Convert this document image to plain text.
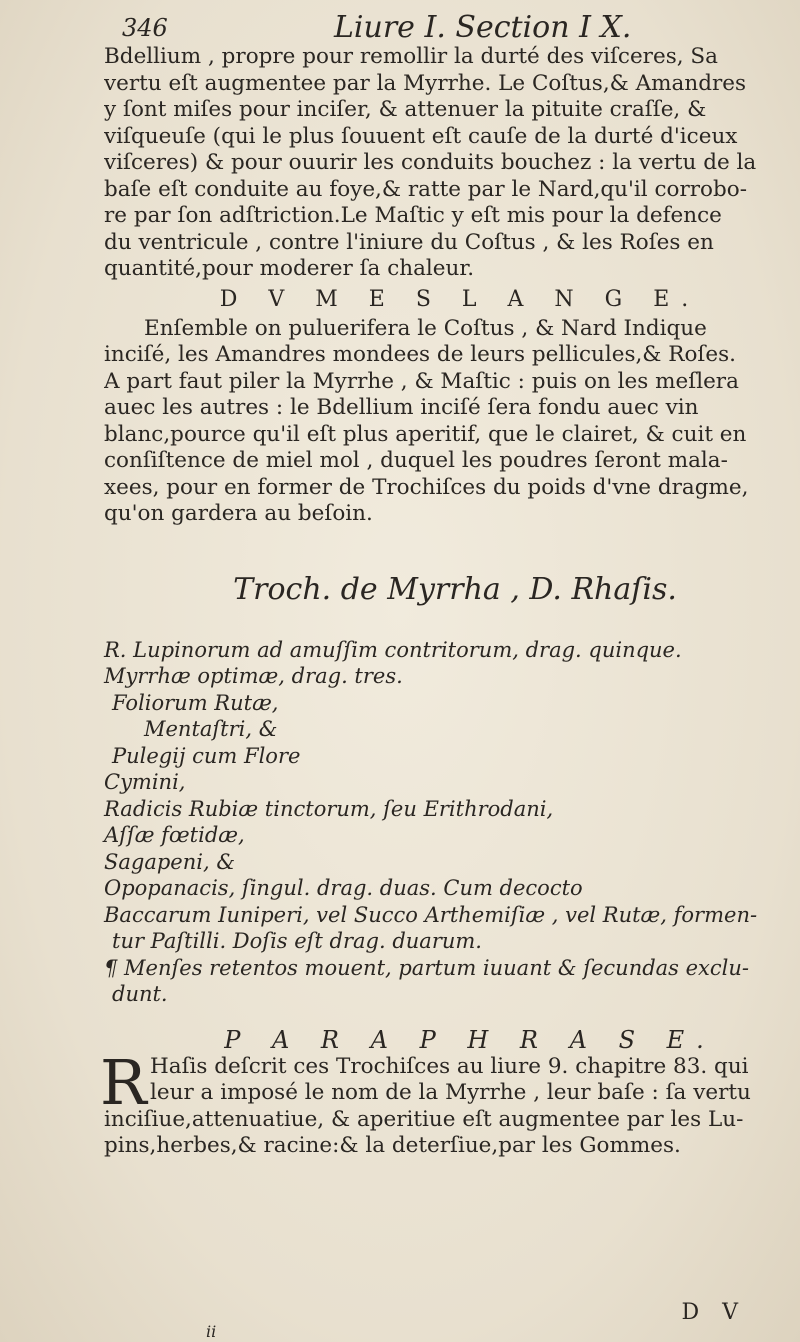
346	Liure I. Section I X.

Bdellium , propre pour remollir la durté des viſceres, Sa
vertu eſt augmentee par la Myrrhe. Le Coſtus,& Amandres
y ſont miſes pour inciſer, & attenuer la pituite craſſe, &
viſqueuſe (qui le plus ſouuent eſt cauſe de la durté d'iceux
viſceres) & pour ouurir les conduits bouchez : la vertu de la
baſe eſt conduite au foye,& ratte par le Nard,qu'il corrobo-
re par ſon adſtriction.Le Maſtic y eſt mis pour la defence
du ventricule , contre l'iniure du Coſtus , & les Roſes en
quantité,pour moderer ſa chaleur.

D V M E S L A N G E.

Enſemble on puluerifera le Coſtus , & Nard Indique
inciſé, les Amandres mondees de leurs pellicules,& Roſes.
A part faut piler la Myrrhe , & Maſtic : puis on les meſlera
auec les autres : le Bdellium inciſé ſera fondu auec vin
blanc,pource qu'il eſt plus aperitif, que le clairet, & cuit en
conſiſtence de miel mol , duquel les poudres ſeront mala-
xees, pour en former de Trochiſces du poids d'vne dragme,
qu'on gardera au beſoin.

Troch. de Myrrha , D. Rhaſis.
R. Lupinorum ad amuſſim contritorum, drag. quinque.
Myrrhæ optimæ, drag. tres.
Foliorum Rutæ,
Mentaſtri, &
Pulegij cum Flore
Cymini,
Radicis Rubiæ tinctorum, ſeu Erithrodani,
Aſſæ fœtidæ,
Sagapeni, &
Opopanacis, ſingul. drag. duas. Cum decocto
Baccarum Iuniperi, vel Succo Arthemiſiæ , vel Rutæ, formen-
tur Paſtilli. Doſis eſt drag. duarum.
¶ Menſes retentos mouent, partum iuuant & ſecundas exclu-
dunt.
P A R A P H R A S E.
R Haſis deſcrit ces Trochiſces au liure 9. chapitre 83. qui
leur a imposé le nom de la Myrrhe , leur baſe : ſa vertu
inciſiue,attenuatiue, & aperitiue eſt augmentee par les Lu-
pins,herbes,& racine:& la deterſiue,par les Gommes.
D V
ii
